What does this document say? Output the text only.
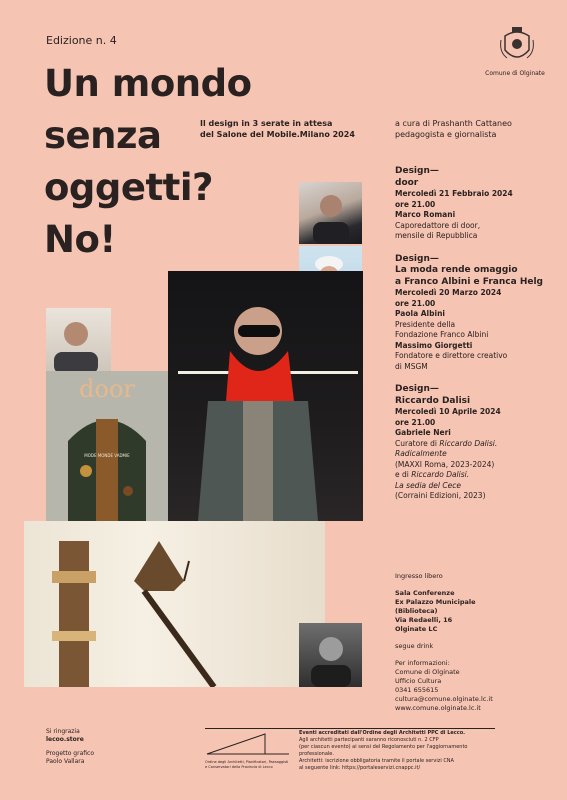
Edizione n. 4
Un mondo
senza
oggetti?
No!
Comune di Olginate
Il design in 3 serate in attesa
del Salone del Mobile.Milano 2024
a cura di Prashanth Cattaneo
pedagogista e giornalista
Design—
door
Mercoledì 21 Febbraio 2024
ore 21.00
Marco Romani
Caporedattore di door,
mensile di Repubblica
Design—
La moda rende omaggio
a Franco Albini e Franca Helg
Mercoledì 20 Marzo 2024
ore 21.00
Paola Albini
Presidente della
Fondazione Franco Albini
Massimo Giorgetti
Fondatore e direttore creativo
di MSGM
Design—
Riccardo Dalisi
Mercoledì 10 Aprile 2024
ore 21.00
Gabriele Neri
Curatore di Riccardo Dalisi.
Radicalmente
(MAXXI Roma, 2023-2024)
e di Riccardo Dalisi.
La sedia del Cece
(Corraini Edizioni, 2023)

Ingresso libero

Sala Conferenze
Ex Palazzo Municipale
(Biblioteca)
Via Redaelli, 16
Olginate LC

segue drink

Per informazioni:
Comune di Olginate
Ufficio Cultura
0341 655615
cultura@comune.olginate.lc.it
www.comune.olginate.lc.it

door
MODE MONDE VADMIE
Si ringrazia
lecoo.store
Progetto grafico
Paolo Vallara	Ordine degli Architetti, Pianificatori, Paesaggisti e Conservatori della Provincia di Lecco
Eventi accreditati dall'Ordine degli Architetti PPC di Lecco.
Agli architetti partecipanti saranno riconosciuti n. 2 CFP
(per ciascun evento) ai sensi del Regolamento per l'aggiornamento
professionale.
Architetti: iscrizione obbligatoria tramite il portale servizi CNA
al seguente link: https://portaleservizi.cnappc.it/
